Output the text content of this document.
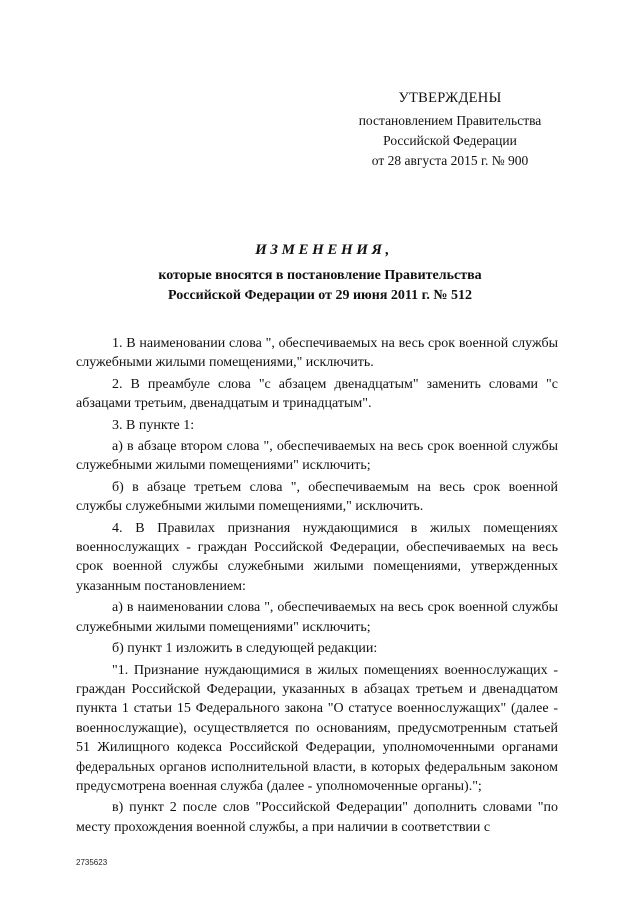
УТВЕРЖДЕНЫ
постановлением Правительства
Российской Федерации
от 28 августа 2015 г. № 900
ИЗМЕНЕНИЯ,
которые вносятся в постановление Правительства
Российской Федерации от 29 июня 2011 г. № 512

1. В наименовании слова ", обеспечиваемых на весь срок военной службы служебными жилыми помещениями," исключить.

2. В преамбуле слова "с абзацем двенадцатым" заменить словами "с абзацами третьим, двенадцатым и тринадцатым".

3. В пункте 1:

а) в абзаце втором слова ", обеспечиваемых на весь срок военной службы служебными жилыми помещениями" исключить;

б) в абзаце третьем слова ", обеспечиваемым на весь срок военной службы служебными жилыми помещениями," исключить.

4. В Правилах признания нуждающимися в жилых помещениях военнослужащих - граждан Российской Федерации, обеспечиваемых на весь срок военной службы служебными жилыми помещениями, утвержденных указанным постановлением:

а) в наименовании слова ", обеспечиваемых на весь срок военной службы служебными жилыми помещениями" исключить;

б) пункт 1 изложить в следующей редакции:

"1. Признание нуждающимися в жилых помещениях военнослужащих - граждан Российской Федерации, указанных в абзацах третьем и двенадцатом пункта 1 статьи 15 Федерального закона "О статусе военнослужащих" (далее - военнослужащие), осуществляется по основаниям, предусмотренным статьей 51 Жилищного кодекса Российской Федерации, уполномоченными органами федеральных органов исполнительной власти, в которых федеральным законом предусмотрена военная служба (далее - уполномоченные органы).";

в) пункт 2 после слов "Российской Федерации" дополнить словами "по месту прохождения военной службы, а при наличии в соответствии с

2735623
